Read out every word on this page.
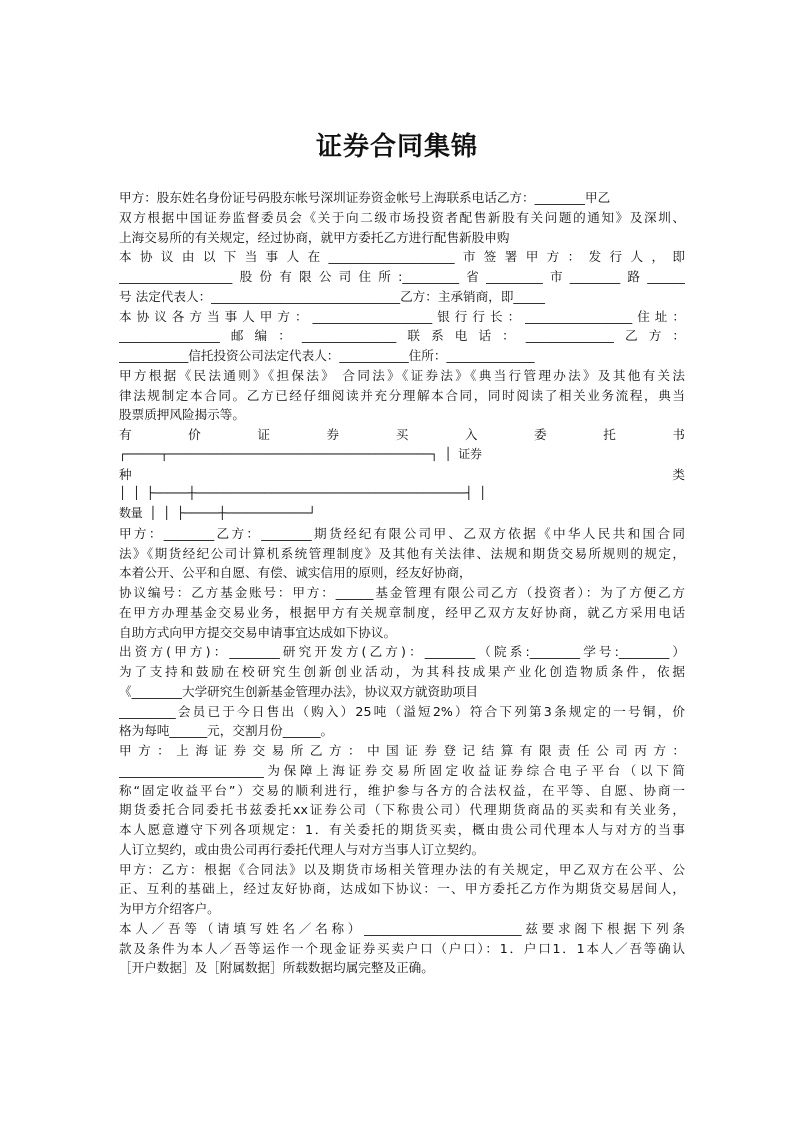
证券合同集锦
甲方：股东姓名身份证号码股东帐号深圳证券资金帐号上海联系电话乙方：________甲乙
双方根据中国证券监督委员会《关于向二级市场投资者配售新股有关问题的通知》及深圳、
上海交易所的有关规定，经过协商，就甲方委托乙方进行配售新股申购
本协议由以下当事人在____________________市签署甲方：发行人，即
__________________股份有限公司住所:_________省_________市________路______
号 法定代表人：______________________________乙方：主承销商，即_____
本协议各方当事人甲方：___________________银行行长：_________________住址：
________________邮编：_______________联系电话：______________乙方：
___________信托投资公司法定代表人：___________住所：______________
甲方根据《民法通则》《担保法》 合同法》《证券法》《典当行管理办法》及其他有关法
律法规制定本合同。乙方已经仔细阅读并充分理解本合同，同时阅读了相关业务流程，典当
股票质押风险揭示等。
有	价	证	券	买	入	委	托	书
┌─────┬──────────────────────────────────────┐ │ 证券
种	类
│ │ ├─────┼───────────────────────────────────────┤ │
数量 │ │ ├─────┼────────────┘
甲方：________乙方：________期货经纪有限公司甲、乙双方依据《中华人民共和国合同
法》《期货经纪公司计算机系统管理制度》及其他有关法律、法规和期货交易所规则的规定，
本着公开、公平和自愿、有偿、诚实信用的原则，经友好协商，
协议编号：乙方基金账号：甲方：______基金管理有限公司乙方（投资者）：为了方便乙方
在甲方办理基金交易业务，根据甲方有关规章制度，经甲乙双方友好协商，就乙方采用电话
自助方式向甲方提交交易申请事宜达成如下协议。
出资方(甲方)：________研究开发方(乙方)：________（院系:________学号:________）
为了支持和鼓励在校研究生创新创业活动，为其科技成果产业化创造物质条件，依据
《________大学研究生创新基金管理办法》，协议双方就资助项目
_________会员已于今日售出（购入）25吨（溢短2%）符合下列第3条规定的一号铜，价
格为每吨______元，交割月份______。
甲方：上海证券交易所乙方：中国证券登记结算有限责任公司丙方：
_______________________为保障上海证券交易所固定收益证券综合电子平台（以下简
称“固定收益平台”）交易的顺利进行，维护参与各方的合法权益，在平等、自愿、协商一
期货委托合同委托书兹委托xx证券公司（下称贵公司）代理期货商品的买卖和有关业务，
本人愿意遵守下列各项规定：1．有关委托的期货买卖，概由贵公司代理本人与对方的当事
人订立契约，或由贵公司再行委托代理人与对方当事人订立契约。
甲方：乙方：根据《合同法》以及期货市场相关管理办法的有关规定，甲乙双方在公平、公
正、互利的基础上，经过友好协商，达成如下协议：一、甲方委托乙方作为期货交易居间人，
为甲方介绍客户。
本人／吾等（请填写姓名／名称）_________________________兹要求阁下根据下列条
款及条件为本人／吾等运作一个现金证券买卖户口（户口）：1．户口1．1本人／吾等确认
［开户数据］及［附属数据］所载数据均属完整及正确。
